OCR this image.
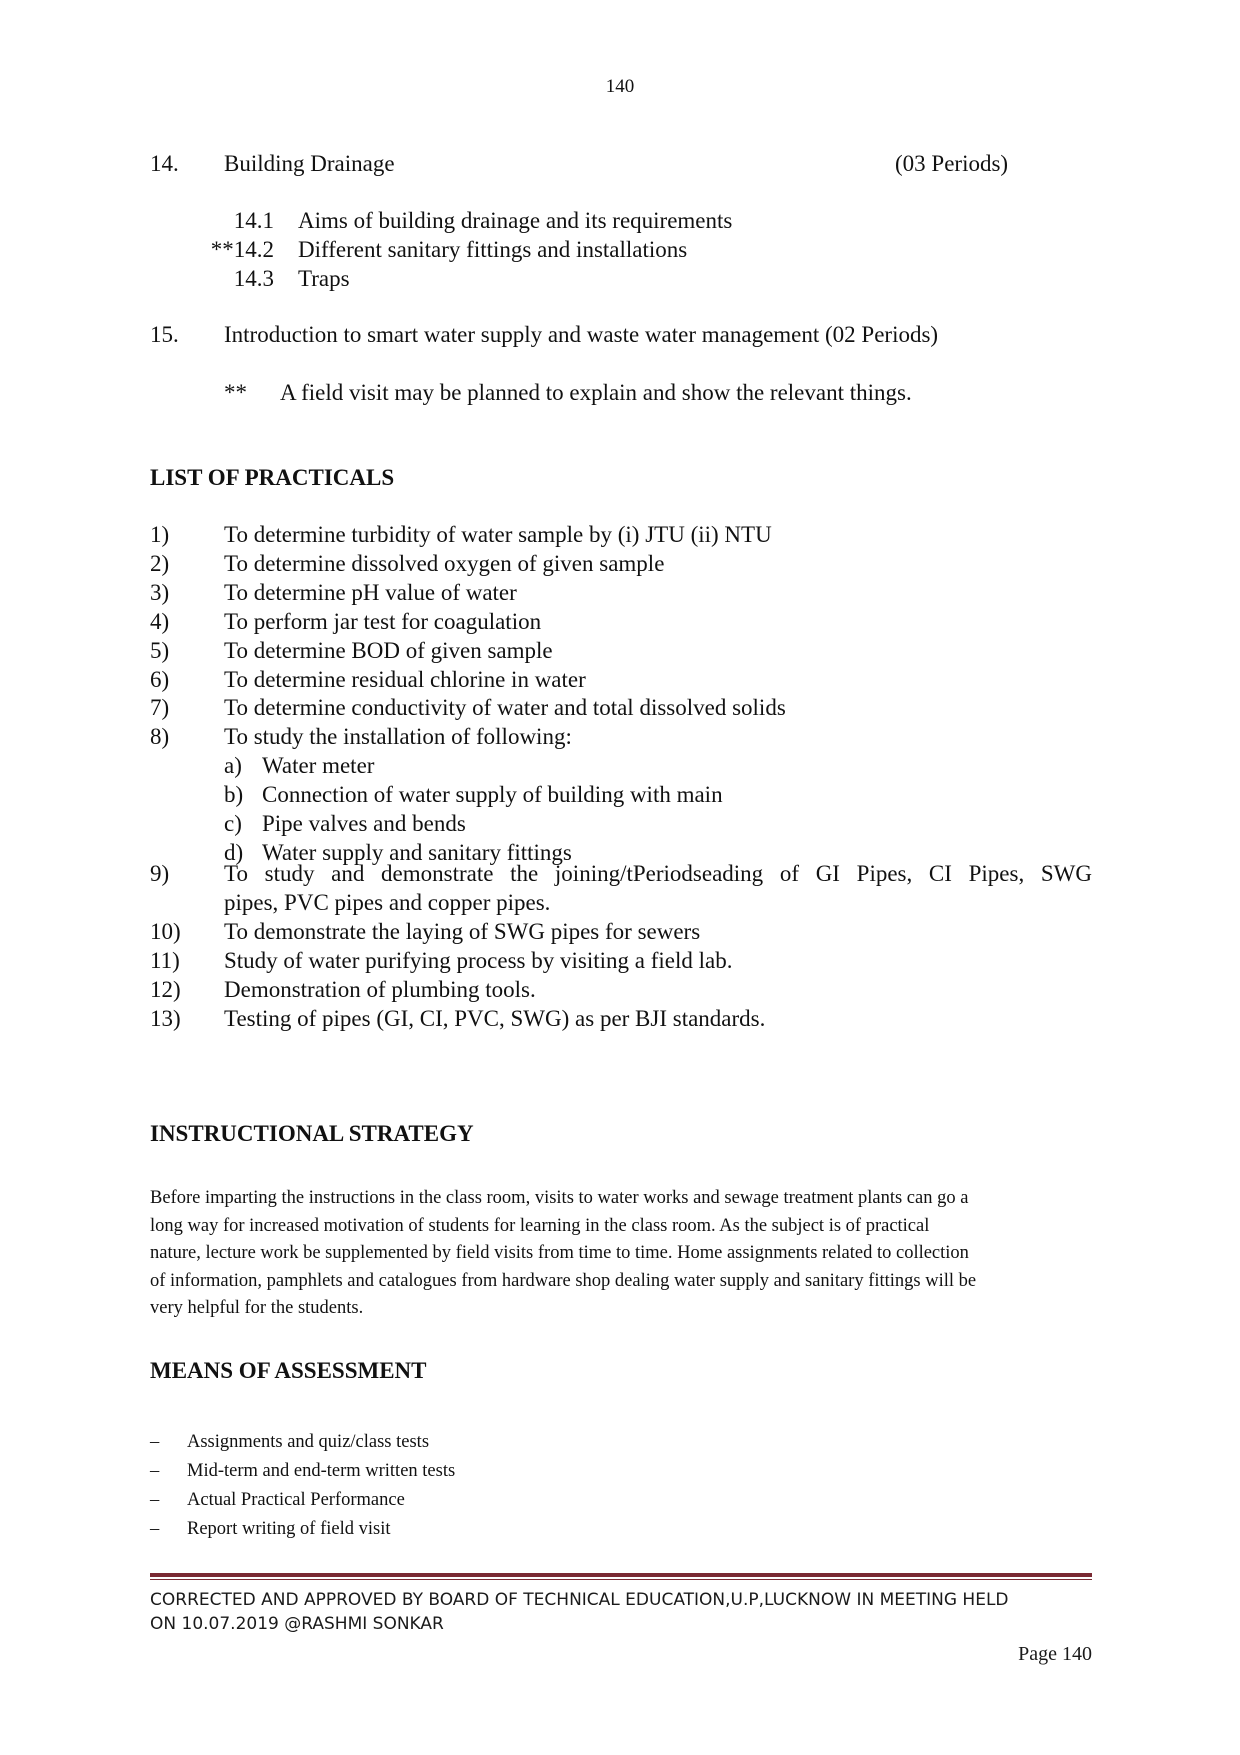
140
14. Building Drainage	(03 Periods)
14.1 Aims of building drainage and its requirements
**14.2 Different sanitary fittings and installations
14.3 Traps
15. Introduction to smart water supply and waste water management (02 Periods)
** A field visit may be planned to explain and show the relevant things.
LIST OF PRACTICALS
1) To determine turbidity of water sample by (i) JTU (ii) NTU
2) To determine dissolved oxygen of given sample
3) To determine pH value of water
4) To perform jar test for coagulation
5) To determine BOD of given sample
6) To determine residual chlorine in water
7) To determine conductivity of water and total dissolved solids
8) To study the installation of following:
a) Water meter
b) Connection of water supply of building with main
c) Pipe valves and bends
d) Water supply and sanitary fittings
10) To demonstrate the laying of SWG pipes for sewers
11) Study of water purifying process by visiting a field lab.
12) Demonstration of plumbing tools.
13) Testing of pipes (GI, CI, PVC, SWG) as per BJI standards.
9) To study and demonstrate the joining/tPeriodseading of GI Pipes, CI Pipes, SWG
pipes, PVC pipes and copper pipes.
INSTRUCTIONAL STRATEGY
Before imparting the instructions in the class room, visits to water works and sewage treatment plants can go a
long way for increased motivation of students for learning in the class room. As the subject is of practical
nature, lecture work be supplemented by field visits from time to time. Home assignments related to collection
of information, pamphlets and catalogues from hardware shop dealing water supply and sanitary fittings will be
very helpful for the students.
MEANS OF ASSESSMENT
– Assignments and quiz/class tests
– Mid-term and end-term written tests
– Actual Practical Performance
– Report writing of field visit
CORRECTED AND APPROVED BY BOARD OF TECHNICAL EDUCATION,U.P,LUCKNOW IN MEETING HELD
ON 10.07.2019 @RASHMI SONKAR
Page 140
